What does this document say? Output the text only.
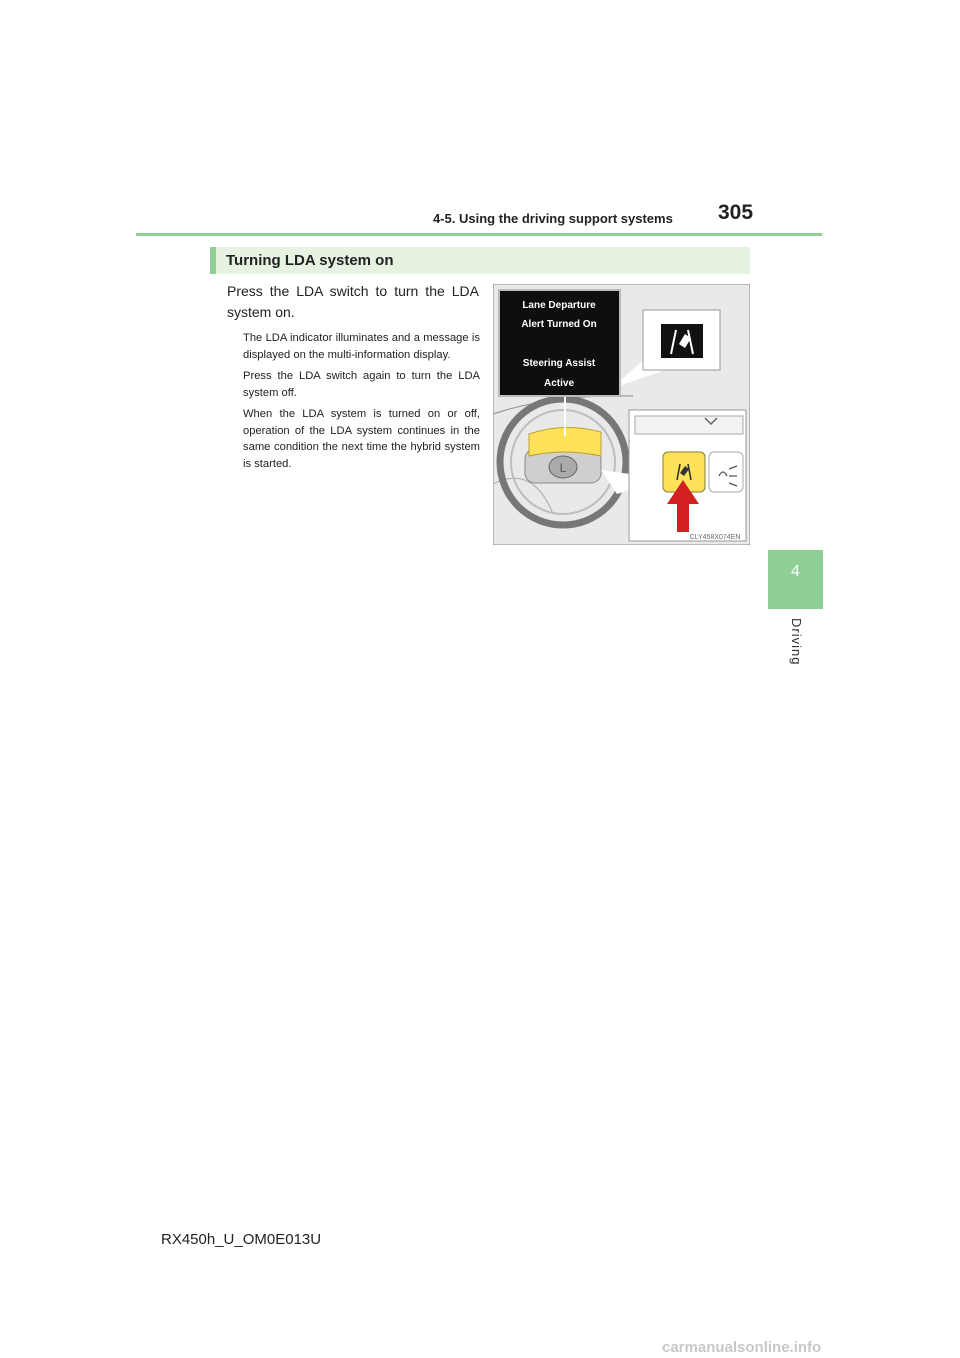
4-5. Using the driving support systems 305
4
Driving
Turning LDA system on
Press the LDA switch to turn the LDA system on.
The LDA indicator illuminates and a message is displayed on the multi-information display.
Press the LDA switch again to turn the LDA system off.
When the LDA system is turned on or off, operation of the LDA system continues in the same condition the next time the hybrid system is started.	L
Lane Departure
Alert Turned On
Steering Assist
Active
CLY458X074EN
RX450h_U_OM0E013U
carmanualsonline.info
